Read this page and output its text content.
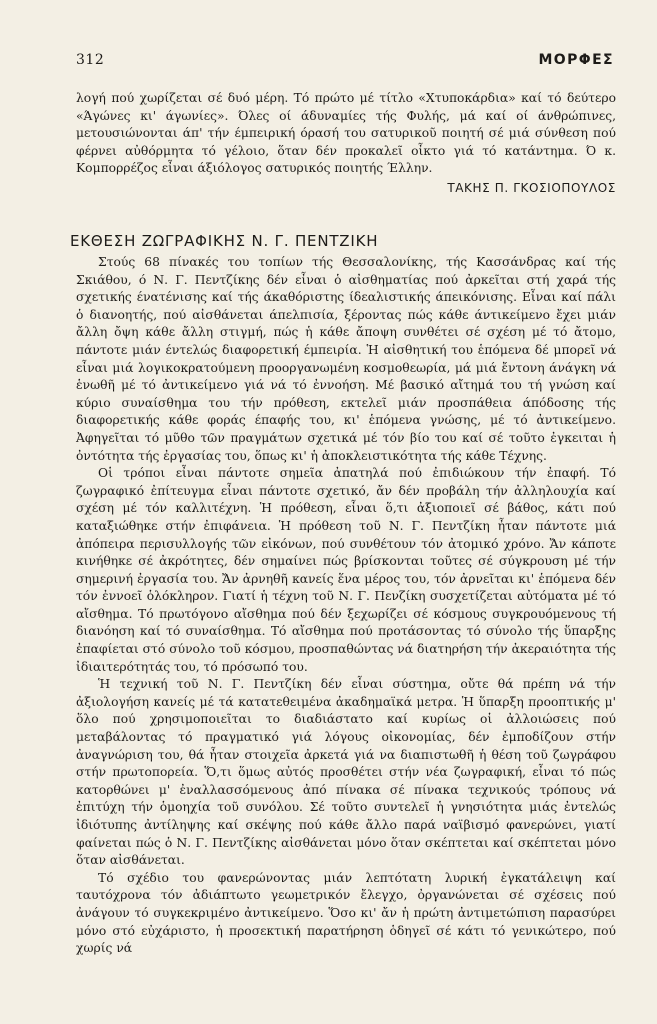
312	ΜΟΡΦΕΣ

λογή πού χωρίζεται σέ δυό μέρη. Τό πρώτο μέ τίτλο «Χτυποκάρδια» καί τό δεύτερο «Άγώνες κι' άγωνίες». Όλες οί άδυναμίες τής Φυλής, μά καί οί άνθρώπινες, μετουσιώνονται άπ' τήν έμπειρική όρασή του σατυρικοῦ ποιητή σέ μιά σύνθεση πού φέρνει αὐθόρμητα τό γέλοιο, ὅταν δέν προκαλεῖ οἶκτο γιά τό κατάντημα. Ό κ. Κομπορρέζος εἶναι άξιόλογος σατυρικός ποιητής Έλλην.

ΤΑΚΗΣ Π. ΓΚΟΣΙΟΠΟΥΛΟΣ
ΕΚΘΕΣΗ ΖΩΓΡΑΦΙΚΗΣ Ν. Γ. ΠΕΝΤΖΙΚΗ

Στούς 68 πίνακές του τοπίων τής Θεσσαλονίκης, τής Κασσάνδρας καί τής Σκιάθου, ό Ν. Γ. Πεντζίκης δέν εἶναι ὁ αἰσθηματίας πού ἀρκεῖται στή χαρά τής σχετικής ένατένισης καί τής άκαθόριστης ίδεαλιστικής άπεικόνισης. Εἶναι καί πάλι ὁ διανοητής, πού αἰσθάνεται άπελπισία, ξέροντας πώς κάθε άντικείμενο ἔχει μιάν ἄλλη ὄψη κάθε ἄλλη στιγμή, πώς ἡ κάθε ἄποψη συνθέτει σέ σχέση μέ τό ἄτομο, πάντοτε μιάν έντελώς διαφορετική έμπειρία. Ἡ αἰσθητική του ἑπόμενα δέ μπορεῖ νά εἶναι μιά λογικοκρατούμενη προοργανωμένη κοσμοθεωρία, μά μιά ἔντονη άνάγκη νά ἑνωθῆ μέ τό ἀντικείμενο γιά νά τό ἐννοήση. Μέ βασικό αἴτημά του τή γνώση καί κύριο συναίσθημα του τήν πρόθεση, εκτελεῖ μιάν προσπάθεια άπόδοσης τής διαφορετικής κάθε φοράς έπαφής του, κι' ἑπόμενα γνώσης, μέ τό ἀντικείμενο. Ἀφηγεῖται τό μῦθο τῶν πραγμάτων σχετικά μέ τόν βίο του καί σέ τοῦτο ἐγκειται ἡ ὀντότητα τής ἐργασίας του, ὅπως κι' ἡ ἀποκλειστικότητα τής κάθε Τέχνης.

Οἱ τρόποι εἶναι πάντοτε σημεῖα ἀπατηλά πού ἐπιδιώκουν τήν ἐπαφή. Τό ζωγραφικό ἐπίτευγμα εἶναι πάντοτε σχετικό, ἄν δέν προβάλη τήν ἀλληλουχία καί σχέση μέ τόν καλλιτέχνη. Ἡ πρόθεση, εἶναι ὅ,τι ἀξιοποιεῖ σέ βάθος, κάτι πού καταξιώθηκε στήν ἐπιφάνεια. Ἡ πρόθεση τοῦ Ν. Γ. Πεντζίκη ἦταν πάντοτε μιά ἀπόπειρα περισυλλογής τῶν εἰκόνων, πού συνθέτουν τόν ἀτομικό χρόνο. Ἄν κάποτε κινήθηκε σέ ἀκρότητες, δέν σημαίνει πώς βρίσκονται τοῦτες σέ σύγκρουση μέ τήν σημερινή ἐργασία του. Ἄν ἀρνηθῆ κανείς ἕνα μέρος του, τόν ἀρνεῖται κι' ἑπόμενα δέν τόν ἐννοεῖ ὁλόκληρον. Γιατί ἡ τέχνη τοῦ Ν. Γ. Πενζίκη συσχετίζεται αὐτόματα μέ τό αἴσθημα. Τό πρωτόγονο αἴσθημα πού δέν ξεχωρίζει σέ κόσμους συγκρουόμενους τή διανόηση καί τό συναίσθημα. Τό αἴσθημα πού προτάσοντας τό σύνολο τής ὕπαρξης ἐπαφίεται στό σύνολο τοῦ κόσμου, προσπαθώντας νά διατηρήση τήν ἀκεραιότητα τής ἰδιαιτερότητάς του, τό πρόσωπό του.

Ἡ τεχνική τοῦ Ν. Γ. Πεντζίκη δέν εἶναι σύστημα, οὔτε θά πρέπη νά τήν ἀξιολογήση κανείς μέ τά κατατεθειμένα ἀκαδημαϊκά μετρα. Ἡ ὕπαρξη προοπτικής μ' ὅλο πού χρησιμοποιεῖται το διαδιάστατο καί κυρίως οἱ ἀλλοιώσεις πού μεταβάλοντας τό πραγματικό γιά λόγους οἰκονομίας, δέν ἐμποδίζουν στήν ἀναγνώριση του, θά ἦταν στοιχεῖα ἀρκετά γιά να διαπιστωθῆ ἡ θέση τοῦ ζωγράφου στήν πρωτοπορεία. Ὅ,τι ὅμως αὐτός προσθέτει στήν νέα ζωγραφική, εἶναι τό πώς κατορθώνει μ' ἐναλλασσόμενους ἀπό πίνακα σέ πίνακα τεχνικούς τρόπους νά ἐπιτύχη τήν ὁμοηχία τοῦ συνόλου. Σέ τοῦτο συντελεῖ ἡ γνησιότητα μιάς ἐντελώς ἰδιότυπης ἀντίληψης καί σκέψης πού κάθε ἄλλο παρά ναϊβισμό φανερώνει, γιατί φαίνεται πώς ὁ Ν. Γ. Πεντζίκης αἰσθάνεται μόνο ὅταν σκέπτεται καί σκέπτεται μόνο ὅταν αἰσθάνεται.

Τό σχέδιο του φανερώνοντας μιάν λεπτότατη λυρική ἐγκατάλειψη καί ταυτόχρονα τόν ἀδιάπτωτο γεωμετρικόν ἔλεγχο, ὀργανώνεται σέ σχέσεις πού ἀνάγουν τό συγκεκριμένο ἀντικείμενο. Ὅσο κι' ἄν ἡ πρώτη ἀντιμετώπιση παρασύρει μόνο στό εὐχάριστο, ἡ προσεκτική παρατήρηση ὁδηγεῖ σέ κάτι τό γενικώτερο, πού χωρίς νά
